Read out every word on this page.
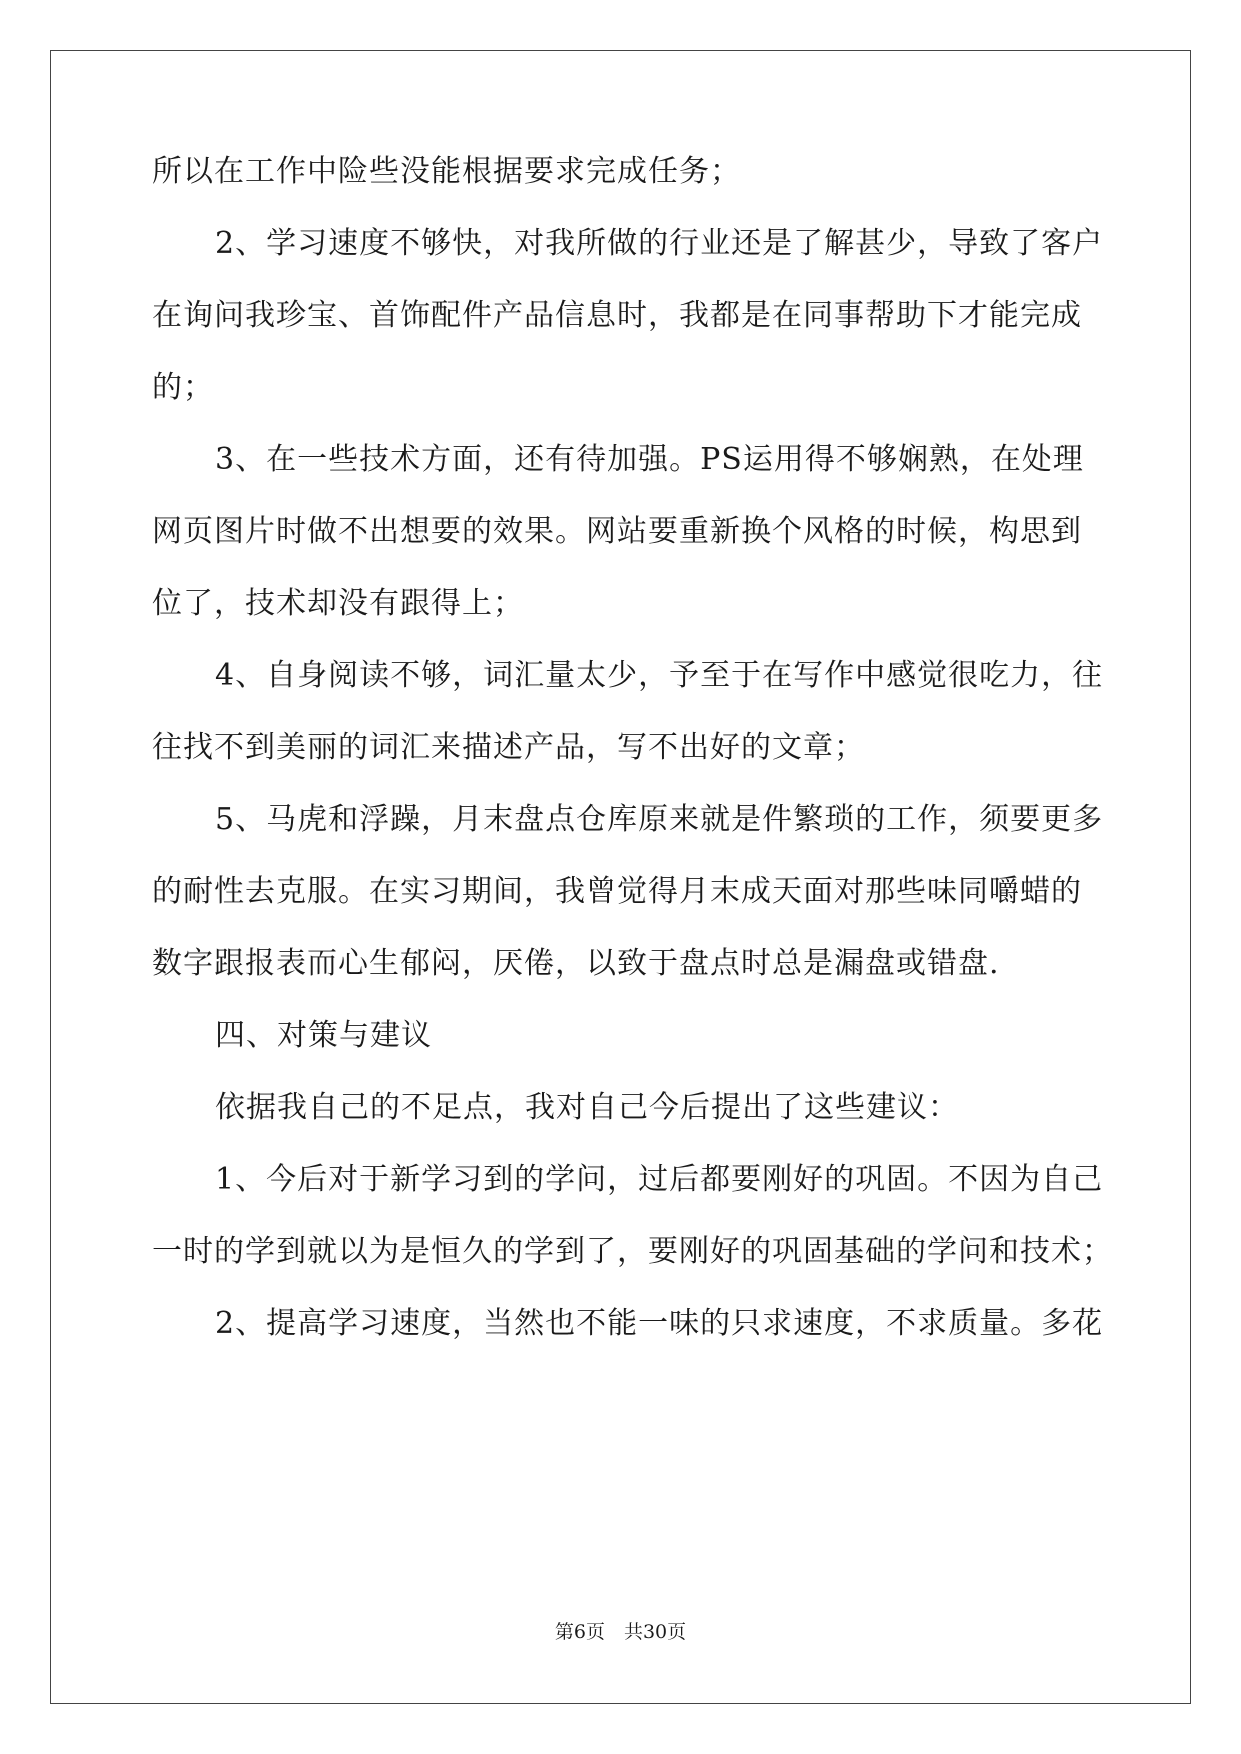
所以在工作中险些没能根据要求完成任务；
2、学习速度不够快，对我所做的行业还是了解甚少，导致了客户
在询问我珍宝、首饰配件产品信息时，我都是在同事帮助下才能完成
的；
3、在一些技术方面，还有待加强。PS运用得不够娴熟，在处理
网页图片时做不出想要的效果。网站要重新换个风格的时候，构思到
位了，技术却没有跟得上；
4、自身阅读不够，词汇量太少，予至于在写作中感觉很吃力，往
往找不到美丽的词汇来描述产品，写不出好的文章；
5、马虎和浮躁，月末盘点仓库原来就是件繁琐的工作，须要更多
的耐性去克服。在实习期间，我曾觉得月末成天面对那些味同嚼蜡的
数字跟报表而心生郁闷，厌倦，以致于盘点时总是漏盘或错盘.
四、对策与建议
依据我自己的不足点，我对自己今后提出了这些建议：
1、今后对于新学习到的学问，过后都要刚好的巩固。不因为自己
一时的学到就以为是恒久的学到了，要刚好的巩固基础的学问和技术；
2、提高学习速度，当然也不能一味的只求速度，不求质量。多花
第6页　共30页
